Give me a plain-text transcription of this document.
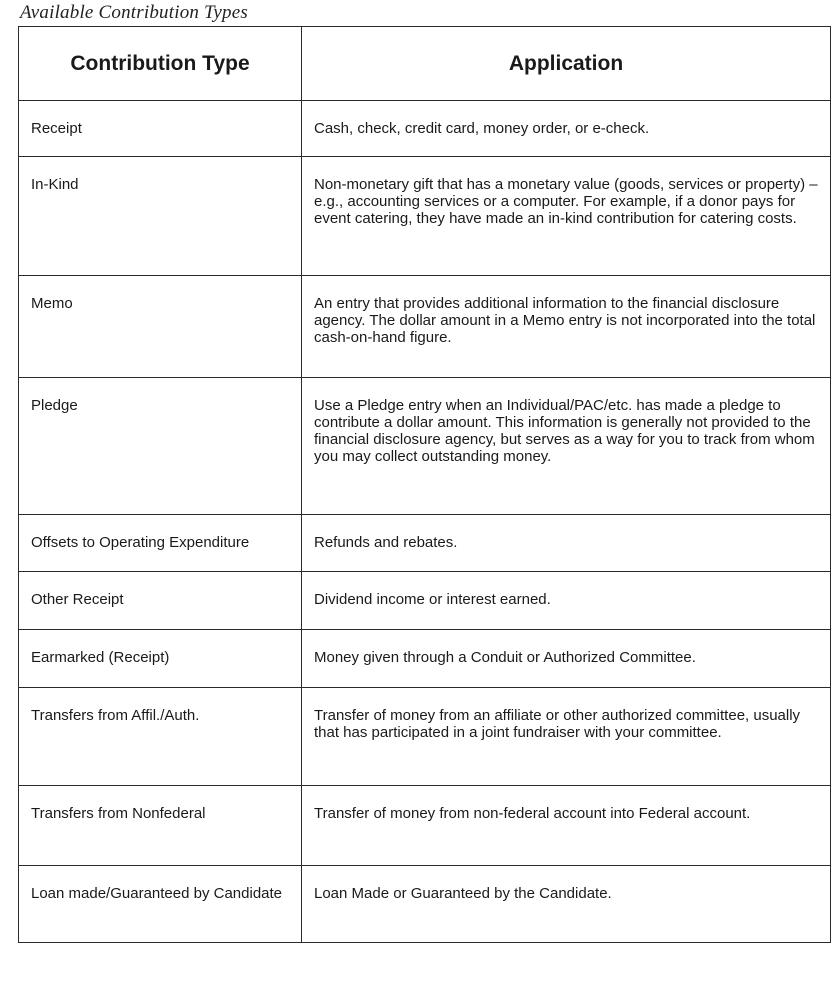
Available Contribution Types
Contribution Type	Application

Receipt	Cash, check, credit card, money order, or e-check.

In-Kind	Non-monetary gift that has a monetary value (goods, services or property) – e.g., accounting services or a computer. For example, if a donor pays for event catering, they have made an in-kind contribution for catering costs.

Memo	An entry that provides additional information to the financial disclosure agency. The dollar amount in a Memo entry is not incorporated into the total cash-on-hand figure.

Pledge	Use a Pledge entry when an Individual/PAC/etc. has made a pledge to contribute a dollar amount. This information is generally not provided to the financial disclosure agency, but serves as a way for you to track from whom you may collect outstanding money.

Offsets to Operating Expenditure	Refunds and rebates.

Other Receipt	Dividend income or interest earned.

Earmarked (Receipt)	Money given through a Conduit or Authorized Committee.

Transfers from Affil./Auth.	Transfer of money from an affiliate or other authorized committee, usually that has participated in a joint fundraiser with your committee.

Transfers from Nonfederal	Transfer of money from non-federal account into Federal account.

Loan made/Guaranteed by Candidate	Loan Made or Guaranteed by the Candidate.
